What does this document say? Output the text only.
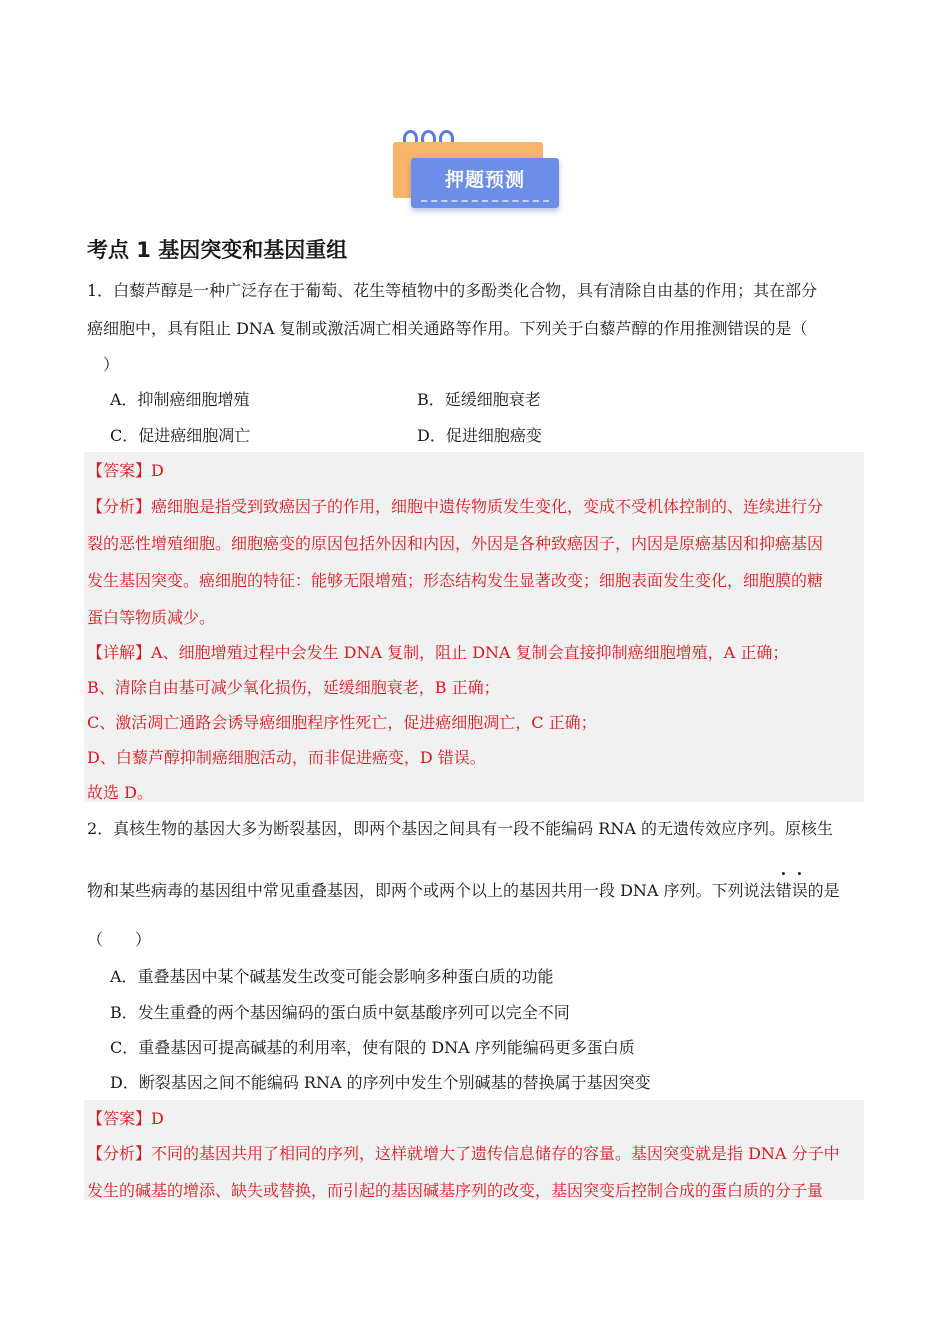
押题预测
考点 1 基因突变和基因重组
1．白藜芦醇是一种广泛存在于葡萄、花生等植物中的多酚类化合物，具有清除自由基的作用；其在部分
癌细胞中，具有阻止 DNA 复制或激活凋亡相关通路等作用。下列关于白藜芦醇的作用推测错误的是（
）
A．抑制癌细胞增殖	B．延缓细胞衰老
C．促进癌细胞凋亡	D．促进细胞癌变
【答案】D
【分析】癌细胞是指受到致癌因子的作用，细胞中遗传物质发生变化，变成不受机体控制的、连续进行分
裂的恶性增殖细胞。细胞癌变的原因包括外因和内因，外因是各种致癌因子，内因是原癌基因和抑癌基因
发生基因突变。癌细胞的特征：能够无限增殖；形态结构发生显著改变；细胞表面发生变化，细胞膜的糖
蛋白等物质减少。
【详解】A、细胞增殖过程中会发生 DNA 复制，阻止 DNA 复制会直接抑制癌细胞增殖，A 正确；
B、清除自由基可减少氧化损伤，延缓细胞衰老，B 正确；
C、激活凋亡通路会诱导癌细胞程序性死亡，促进癌细胞凋亡，C 正确；
D、白藜芦醇抑制癌细胞活动，而非促进癌变，D 错误。
故选 D。
2．真核生物的基因大多为断裂基因，即两个基因之间具有一段不能编码 RNA 的无遗传效应序列。原核生
物和某些病毒的基因组中常见重叠基因，即两个或两个以上的基因共用一段 DNA 序列。下列说法错误的是
（　　）
A．重叠基因中某个碱基发生改变可能会影响多种蛋白质的功能
B．发生重叠的两个基因编码的蛋白质中氨基酸序列可以完全不同
C．重叠基因可提高碱基的利用率，使有限的 DNA 序列能编码更多蛋白质
D．断裂基因之间不能编码 RNA 的序列中发生个别碱基的替换属于基因突变
【答案】D
【分析】不同的基因共用了相同的序列，这样就增大了遗传信息储存的容量。基因突变就是指 DNA 分子中
发生的碱基的增添、缺失或替换，而引起的基因碱基序列的改变，基因突变后控制合成的蛋白质的分子量
